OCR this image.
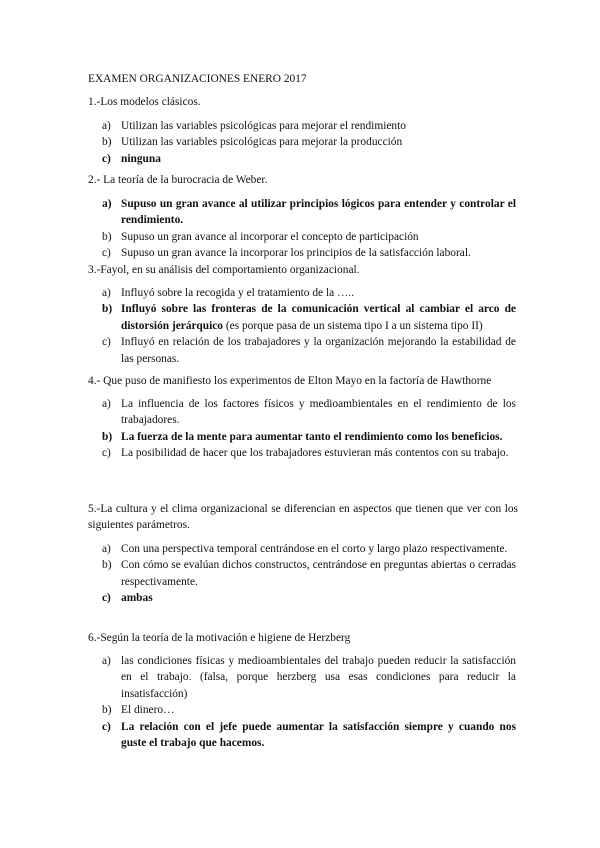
EXAMEN ORGANIZACIONES ENERO 2017
1.-Los modelos clásicos.
a) Utilizan las variables psicológicas para mejorar el rendimiento
b) Utilizan las variables psicológicas para mejorar la producción
c) ninguna
2.- La teoría de la burocracia de Weber.
a) Supuso un gran avance al utilizar principios lógicos para entender y controlar el rendimiento.
b) Supuso un gran avance al incorporar el concepto de participación
c) Supuso un gran avance la incorporar los principios de la satisfacción laboral.
3.-Fayol, en su análisis del comportamiento organizacional.
a) Influyó sobre la recogida y el tratamiento de la …..
b) Influyó sobre las fronteras de la comunicación vertical al cambiar el arco de distorsión jerárquico (es porque pasa de un sistema tipo I a un sistema tipo II)
c) Influyó en relación de los trabajadores y la organización mejorando la estabilidad de las personas.
4.- Que puso de manifiesto los experimentos de Elton Mayo en la factoría de Hawthorne
a) La influencia de los factores físicos y medioambientales en el rendimiento de los trabajadores.
b) La fuerza de la mente para aumentar tanto el rendimiento como los beneficios.
c) La posibilidad de hacer que los trabajadores estuvieran más contentos con su trabajo.
5.-La cultura y el clima organizacional se diferencian en aspectos que tienen que ver con los siguientes parámetros.
a) Con una perspectiva temporal centrándose en el corto y largo plazo respectivamente.
b) Con cómo se evalúan dichos constructos, centrándose en preguntas abiertas o cerradas respectivamente.
c) ambas
6.-Según la teoría de la motivación e higiene de Herzberg
a) las condiciones físicas y medioambientales del trabajo pueden reducir la satisfacción en el trabajo. (falsa, porque herzberg usa esas condiciones para reducir la insatisfacción)
b) El dinero…
c) La relación con el jefe puede aumentar la satisfacción siempre y cuando nos guste el trabajo que hacemos.
